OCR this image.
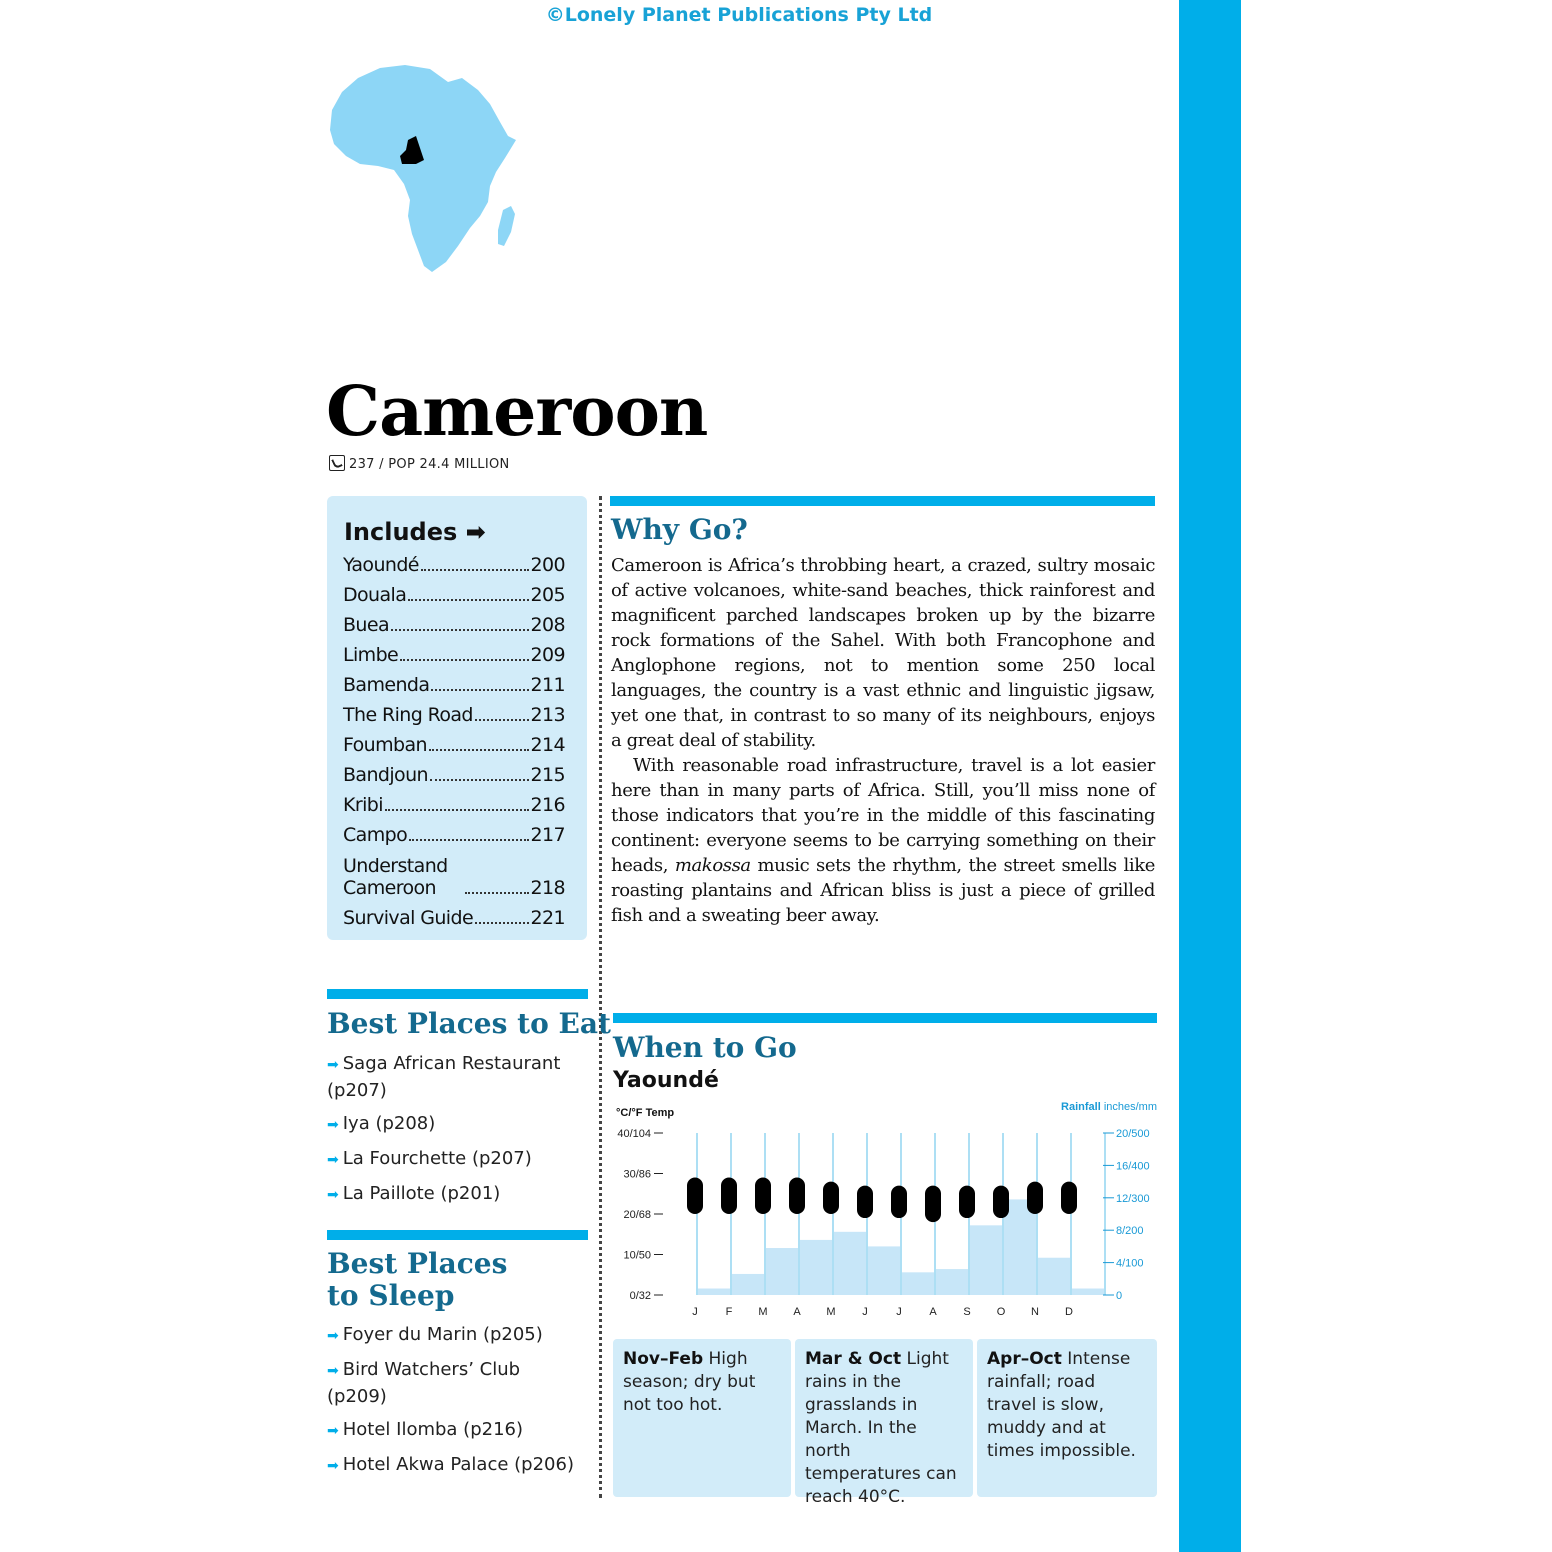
©Lonely Planet Publications Pty Ltd
Cameroon
237 / POP 24.4 MILLION
Includes ➡
Yaoundé	200
Douala	205
Buea	208
Limbe	209
Bamenda	211
The Ring Road	213
Foumban	214
Bandjoun	215
Kribi	216
Campo	217
Understand Cameroon	218
Survival Guide	221
Why Go?

Cameroon is Africa’s throbbing heart, a crazed, sultry mosaic of active volcanoes, white-sand beaches, thick rainforest and magnificent parched landscapes broken up by the bizarre rock formations of the Sahel. With both Francophone and Anglophone regions, not to mention some 250 local languages, the country is a vast ethnic and linguistic jigsaw, yet one that, in contrast to so many of its neighbours, enjoys a great deal of stability.

With reasonable road infrastructure, travel is a lot easier here than in many parts of Africa. Still, you’ll miss none of those indicators that you’re in the middle of this fascinating continent: everyone seems to be carrying something on their heads, makossa music sets the rhythm, the street smells like roasting plantains and African bliss is just a piece of grilled fish and a sweating beer away.

Best Places to Eat
➡ Saga African Restaurant (p207)
➡ Iya (p208)
➡ La Fourchette (p207)
➡ La Paillote (p201)
Best Places
to Sleep
➡ Foyer du Marin (p205)
➡ Bird Watchers’ Club (p209)
➡ Hotel Ilomba (p216)
➡ Hotel Akwa Palace (p206)
When to Go
Yaoundé
°C/°F Temp	Rainfall inches/mm
40/104
30/86
20/68
10/50
0/32
20/500
16/400
12/300
8/200
4/100
0
J	F M A M J	J	A S O N D
Nov–Feb High season; dry but not too hot.
Mar & Oct Light rains in the grasslands in March. In the north temperatures can reach 40°C.
Apr–Oct Intense rainfall; road travel is slow, muddy and at times impossible.
